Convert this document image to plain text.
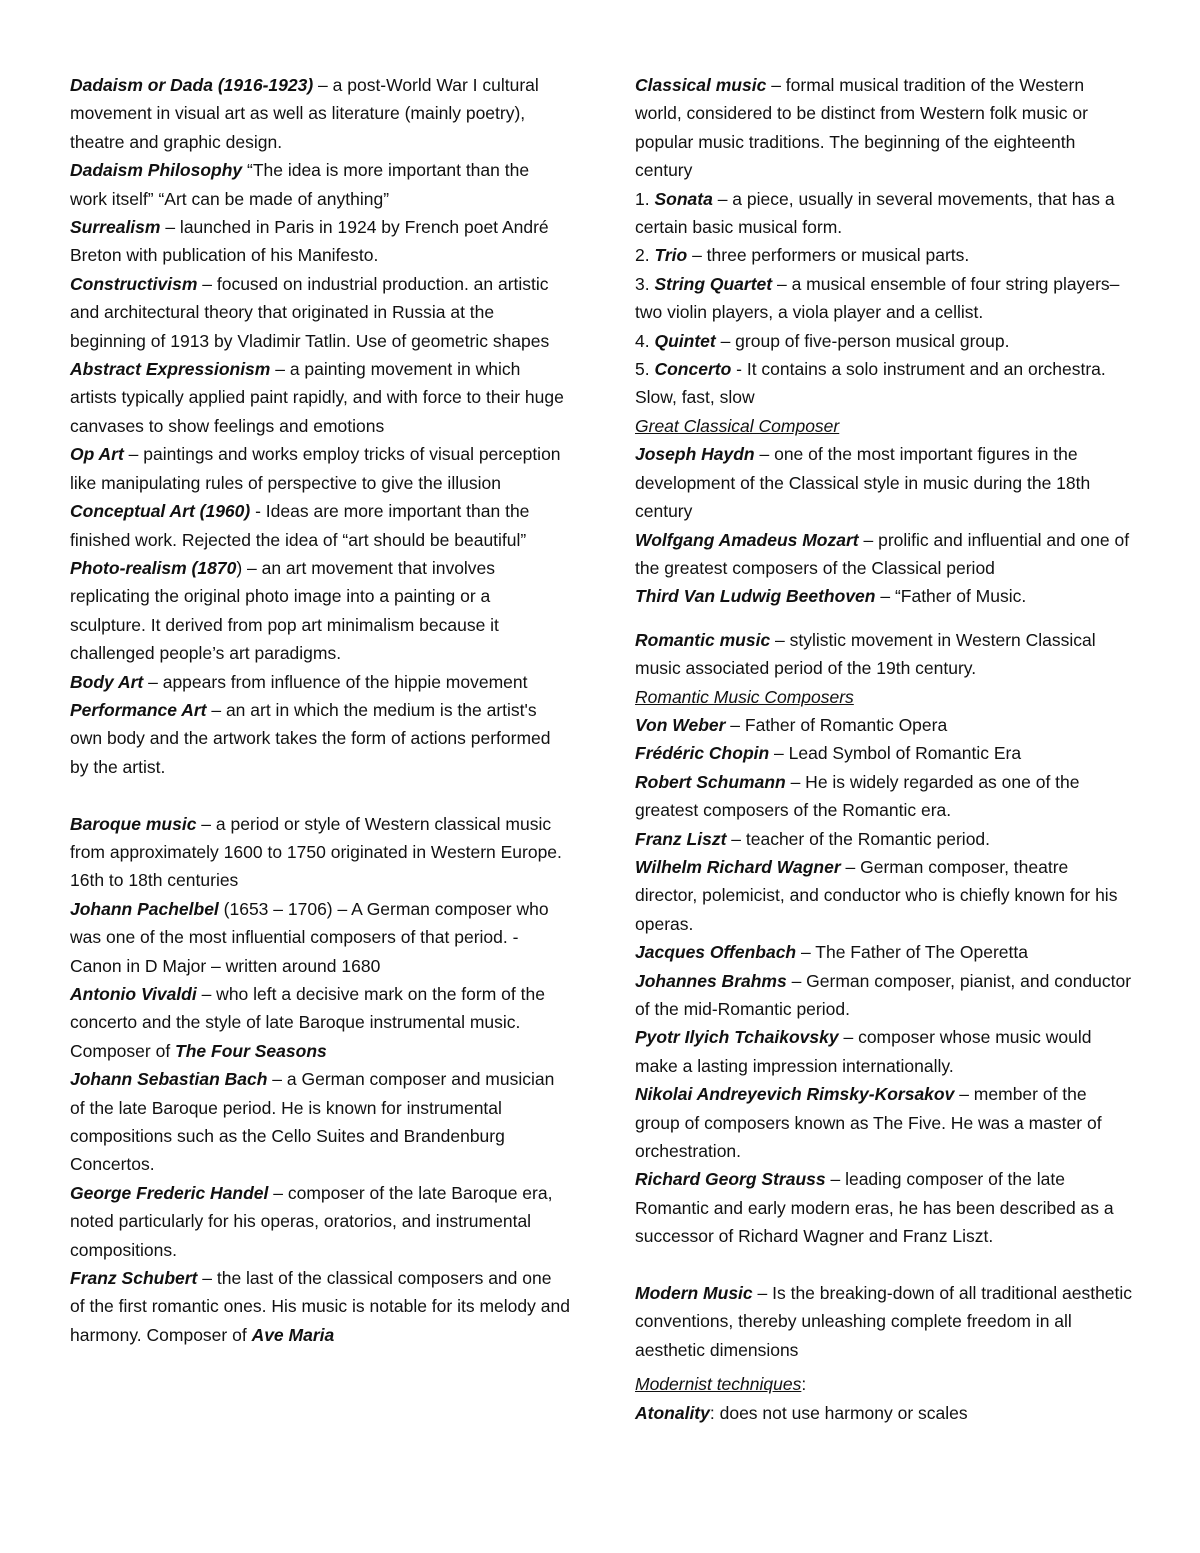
Dadaism or Dada (1916-1923) – a post-World War I cultural movement in visual art as well as literature (mainly poetry), theatre and graphic design.

Dadaism Philosophy “The idea is more important than the work itself” “Art can be made of anything”

Surrealism – launched in Paris in 1924 by French poet André Breton with publication of his Manifesto.

Constructivism – focused on industrial production. an artistic and architectural theory that originated in Russia at the beginning of 1913 by Vladimir Tatlin. Use of geometric shapes

Abstract Expressionism – a painting movement in which artists typically applied paint rapidly, and with force to their huge canvases to show feelings and emotions

Op Art – paintings and works employ tricks of visual perception like manipulating rules of perspective to give the illusion

Conceptual Art (1960) - Ideas are more important than the finished work. Rejected the idea of “art should be beautiful”

Photo-realism (1870) – an art movement that involves replicating the original photo image into a painting or a sculpture. It derived from pop art minimalism because it challenged people’s art paradigms.

Body Art – appears from influence of the hippie movement

Performance Art – an art in which the medium is the artist's own body and the artwork takes the form of actions performed by the artist.

Baroque music – a period or style of Western classical music from approximately 1600 to 1750 originated in Western Europe. 16th to 18th centuries

Johann Pachelbel (1653 – 1706) – A German composer who was one of the most influential composers of that period. - Canon in D Major – written around 1680

Antonio Vivaldi – who left a decisive mark on the form of the concerto and the style of late Baroque instrumental music. Composer of The Four Seasons

Johann Sebastian Bach – a German composer and musician of the late Baroque period. He is known for instrumental compositions such as the Cello Suites and Brandenburg Concertos.

George Frederic Handel – composer of the late Baroque era, noted particularly for his operas, oratorios, and instrumental compositions.

Franz Schubert – the last of the classical composers and one of the first romantic ones. His music is notable for its melody and harmony. Composer of Ave Maria

Classical music – formal musical tradition of the Western world, considered to be distinct from Western folk music or popular music traditions. The beginning of the eighteenth century

1. Sonata – a piece, usually in several movements, that has a certain basic musical form.

2. Trio – three performers or musical parts.

3. String Quartet – a musical ensemble of four string players– two violin players, a viola player and a cellist.

4. Quintet – group of five-person musical group.

5. Concerto - It contains a solo instrument and an orchestra. Slow, fast, slow

Great Classical Composer

Joseph Haydn – one of the most important figures in the development of the Classical style in music during the 18th century

Wolfgang Amadeus Mozart – prolific and influential and one of the greatest composers of the Classical period

Third Van Ludwig Beethoven – “Father of Music.

Romantic music – stylistic movement in Western Classical music associated period of the 19th century.

Romantic Music Composers

Von Weber – Father of Romantic Opera

Frédéric Chopin – Lead Symbol of Romantic Era

Robert Schumann – He is widely regarded as one of the greatest composers of the Romantic era.

Franz Liszt – teacher of the Romantic period.

Wilhelm Richard Wagner – German composer, theatre director, polemicist, and conductor who is chiefly known for his operas.

Jacques Offenbach – The Father of The Operetta

Johannes Brahms – German composer, pianist, and conductor of the mid-Romantic period.

Pyotr Ilyich Tchaikovsky – composer whose music would make a lasting impression internationally.

Nikolai Andreyevich Rimsky-Korsakov – member of the group of composers known as The Five. He was a master of orchestration.

Richard Georg Strauss – leading composer of the late Romantic and early modern eras, he has been described as a successor of Richard Wagner and Franz Liszt.

Modern Music – Is the breaking-down of all traditional aesthetic conventions, thereby unleashing complete freedom in all aesthetic dimensions

Modernist techniques:

Atonality: does not use harmony or scales
